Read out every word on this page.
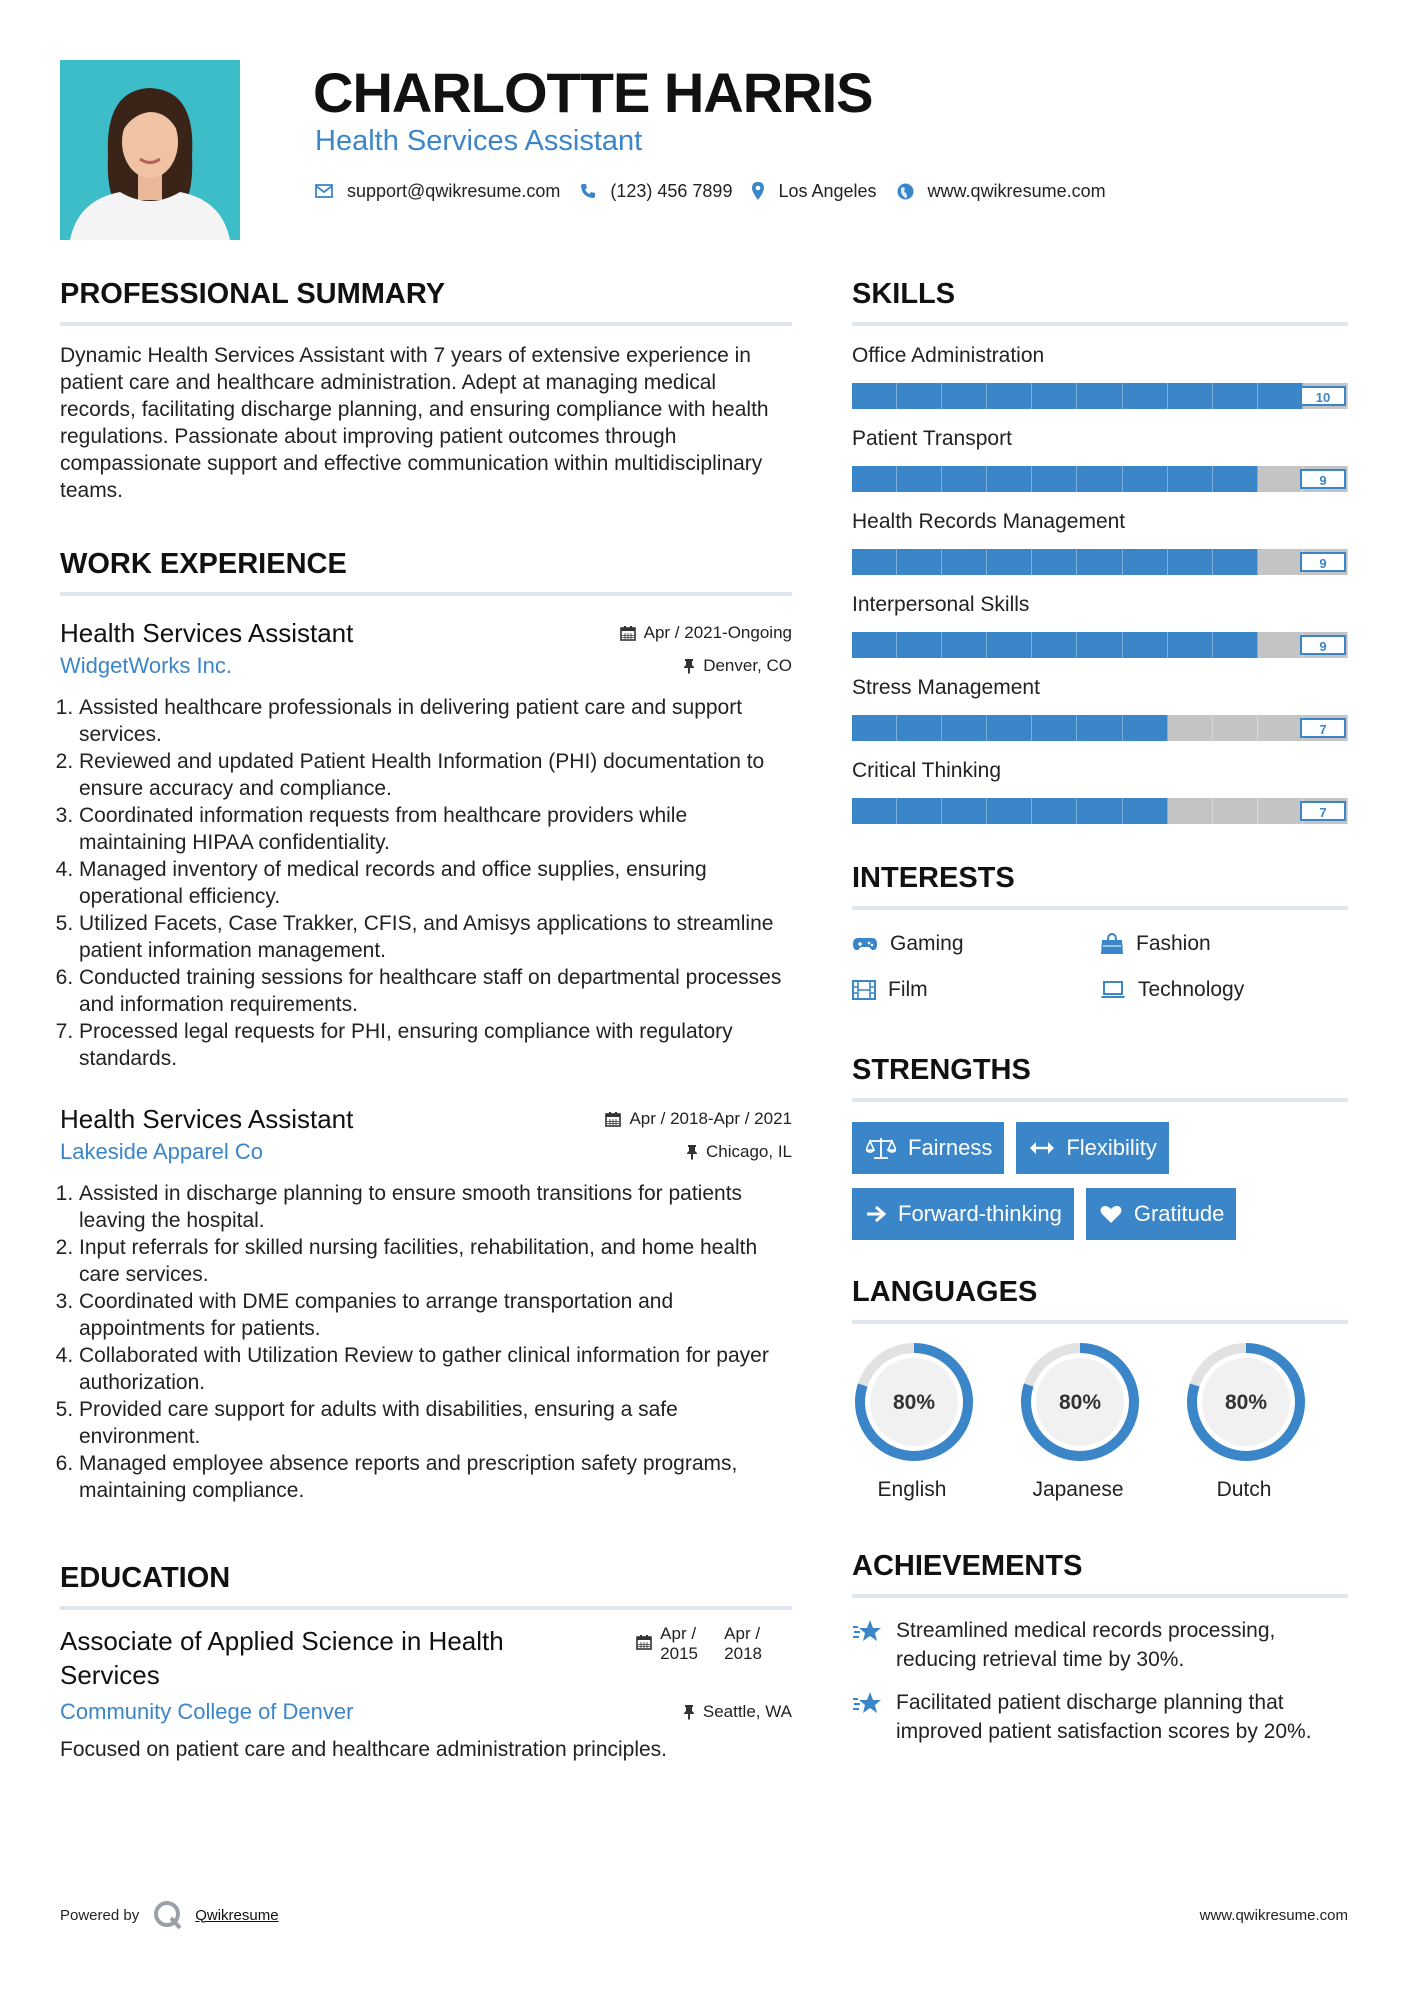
CHARLOTTE HARRIS
Health Services Assistant
support@qwikresume.com	(123) 456 7899	Los Angeles	www.qwikresume.com
PROFESSIONAL SUMMARY

Dynamic Health Services Assistant with 7 years of extensive experience in patient care and healthcare administration. Adept at managing medical records, facilitating discharge planning, and ensuring compliance with health regulations. Passionate about improving patient outcomes through compassionate support and effective communication within multidisciplinary teams.

WORK EXPERIENCE
Health Services Assistant	Apr / 2021-Ongoing
WidgetWorks Inc.	Denver, CO
1. Assisted healthcare professionals in delivering patient care and support services.
2. Reviewed and updated Patient Health Information (PHI) documentation to ensure accuracy and compliance.
3. Coordinated information requests from healthcare providers while maintaining HIPAA confidentiality.
4. Managed inventory of medical records and office supplies, ensuring operational efficiency.
5. Utilized Facets, Case Trakker, CFIS, and Amisys applications to streamline patient information management.
6. Conducted training sessions for healthcare staff on departmental processes and information requirements.
7. Processed legal requests for PHI, ensuring compliance with regulatory standards.
Health Services Assistant	Apr / 2018-Apr / 2021
Lakeside Apparel Co	Chicago, IL
1. Assisted in discharge planning to ensure smooth transitions for patients leaving the hospital.
2. Input referrals for skilled nursing facilities, rehabilitation, and home health care services.
3. Coordinated with DME companies to arrange transportation and appointments for patients.
4. Collaborated with Utilization Review to gather clinical information for payer authorization.
5. Provided care support for adults with disabilities, ensuring a safe environment.
6. Managed employee absence reports and prescription safety programs, maintaining compliance.
EDUCATION
Associate of Applied Science in Health Services
Apr /
2015
Apr /
2018
Community College of Denver	Seattle, WA

Focused on patient care and healthcare administration principles.

SKILLS
Office Administration
10
Patient Transport
9
Health Records Management
9
Interpersonal Skills
9
Stress Management
7
Critical Thinking
7
INTERESTS
Gaming	Fashion
Film	Technology
STRENGTHS
Fairness	Flexibility
Forward-thinking	Gratitude
LANGUAGES
80%
English
80%
Japanese
80%
Dutch
ACHIEVEMENTS
Streamlined medical records processing, reducing retrieval time by 30%.
Facilitated patient discharge planning that improved patient satisfaction scores by 20%.
Powered by	Qwikresume	www.qwikresume.com
